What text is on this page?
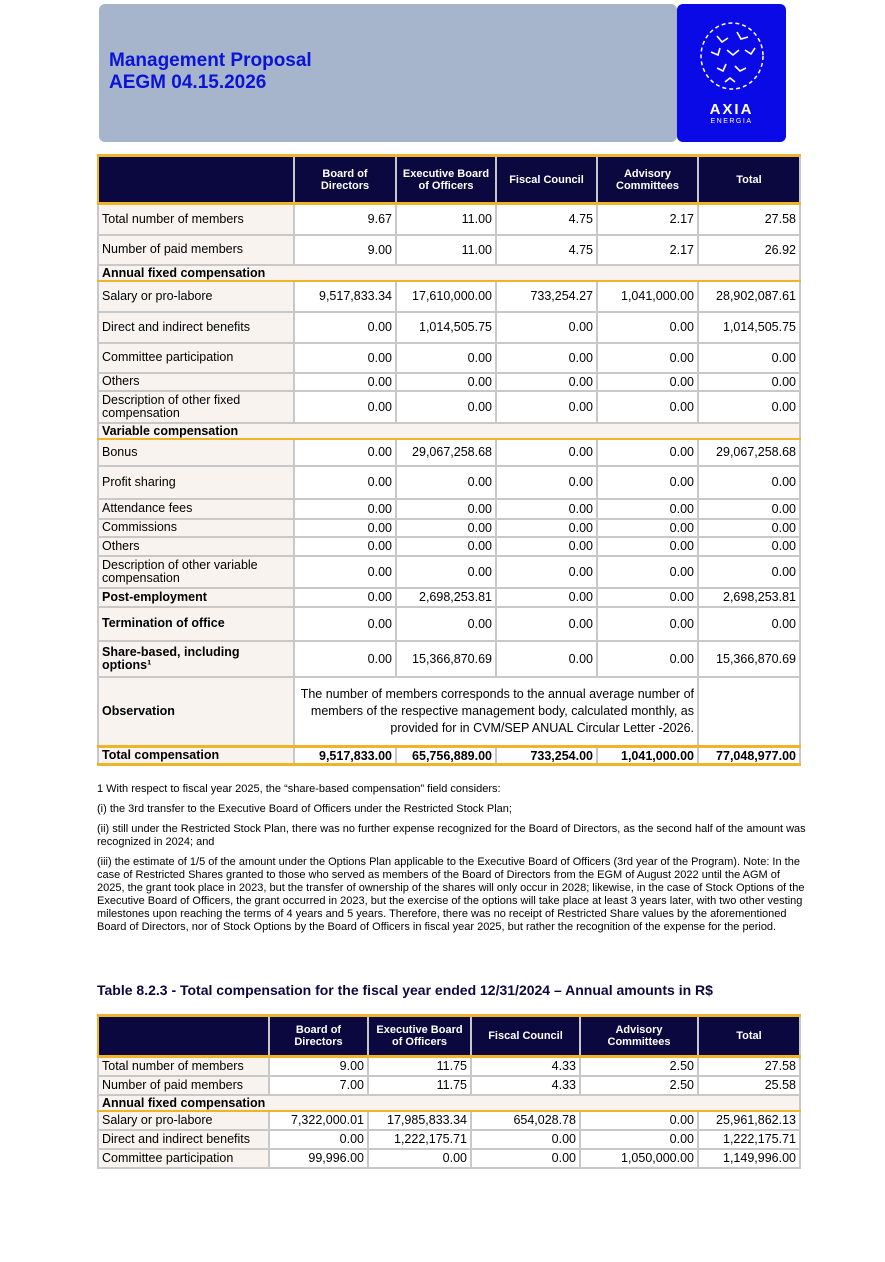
Management Proposal
AEGM 04.15.2026
AXIA
ENERGIA
	Board of Directors	Executive Board of Officers	Fiscal Council	Advisory Committees	Total
Total number of members	9.67	11.00	4.75	2.17	27.58
Number of paid members	9.00	11.00	4.75	2.17	26.92
Annual fixed compensation					
Salary or pro-labore	9,517,833.34	17,610,000.00	733,254.27	1,041,000.00	28,902,087.61
Direct and indirect benefits	0.00	1,014,505.75	0.00	0.00	1,014,505.75
Committee participation	0.00	0.00	0.00	0.00	0.00
Others	0.00	0.00	0.00	0.00	0.00
Description of other fixed compensation	0.00	0.00	0.00	0.00	0.00
Variable compensation					
Bonus	0.00	29,067,258.68	0.00	0.00	29,067,258.68
Profit sharing	0.00	0.00	0.00	0.00	0.00
Attendance fees	0.00	0.00	0.00	0.00	0.00
Commissions	0.00	0.00	0.00	0.00	0.00
Others	0.00	0.00	0.00	0.00	0.00
Description of other variable compensation	0.00	0.00	0.00	0.00	0.00
Post-employment	0.00	2,698,253.81	0.00	0.00	2,698,253.81
Termination of office	0.00	0.00	0.00	0.00	0.00
Share-based, including options¹	0.00	15,366,870.69	0.00	0.00	15,366,870.69
Observation	The number of members corresponds to the annual average number of members of the respective management body, calculated monthly, as provided for in CVM/SEP ANUAL Circular Letter -2026.				
Total compensation	9,517,833.00	65,756,889.00	733,254.00	1,041,000.00	77,048,977.00

1 With respect to fiscal year 2025, the “share-based compensation” field considers:

(i) the 3rd transfer to the Executive Board of Officers under the Restricted Stock Plan;

(ii) still under the Restricted Stock Plan, there was no further expense recognized for the Board of Directors, as the second half of the amount was recognized in 2024; and

(iii) the estimate of 1/5 of the amount under the Options Plan applicable to the Executive Board of Officers (3rd year of the Program). Note: In the case of Restricted Shares granted to those who served as members of the Board of Directors from the EGM of August 2022 until the AGM of 2025, the grant took place in 2023, but the transfer of ownership of the shares will only occur in 2028; likewise, in the case of Stock Options of the Executive Board of Officers, the grant occurred in 2023, but the exercise of the options will take place at least 3 years later, with two other vesting milestones upon reaching the terms of 4 years and 5 years. Therefore, there was no receipt of Restricted Share values by the aforementioned Board of Directors, nor of Stock Options by the Board of Officers in fiscal year 2025, but rather the recognition of the expense for the period.

Table 8.2.3 - Total compensation for the fiscal year ended 12/31/2024 – Annual amounts in R$
	Board of Directors	Executive Board of Officers	Fiscal Council	Advisory Committees	Total
Total number of members	9.00	11.75	4.33	2.50	27.58
Number of paid members	7.00	11.75	4.33	2.50	25.58
Annual fixed compensation					
Salary or pro-labore	7,322,000.01	17,985,833.34	654,028.78	0.00	25,961,862.13
Direct and indirect benefits	0.00	1,222,175.71	0.00	0.00	1,222,175.71
Committee participation	99,996.00	0.00	0.00	1,050,000.00	1,149,996.00
